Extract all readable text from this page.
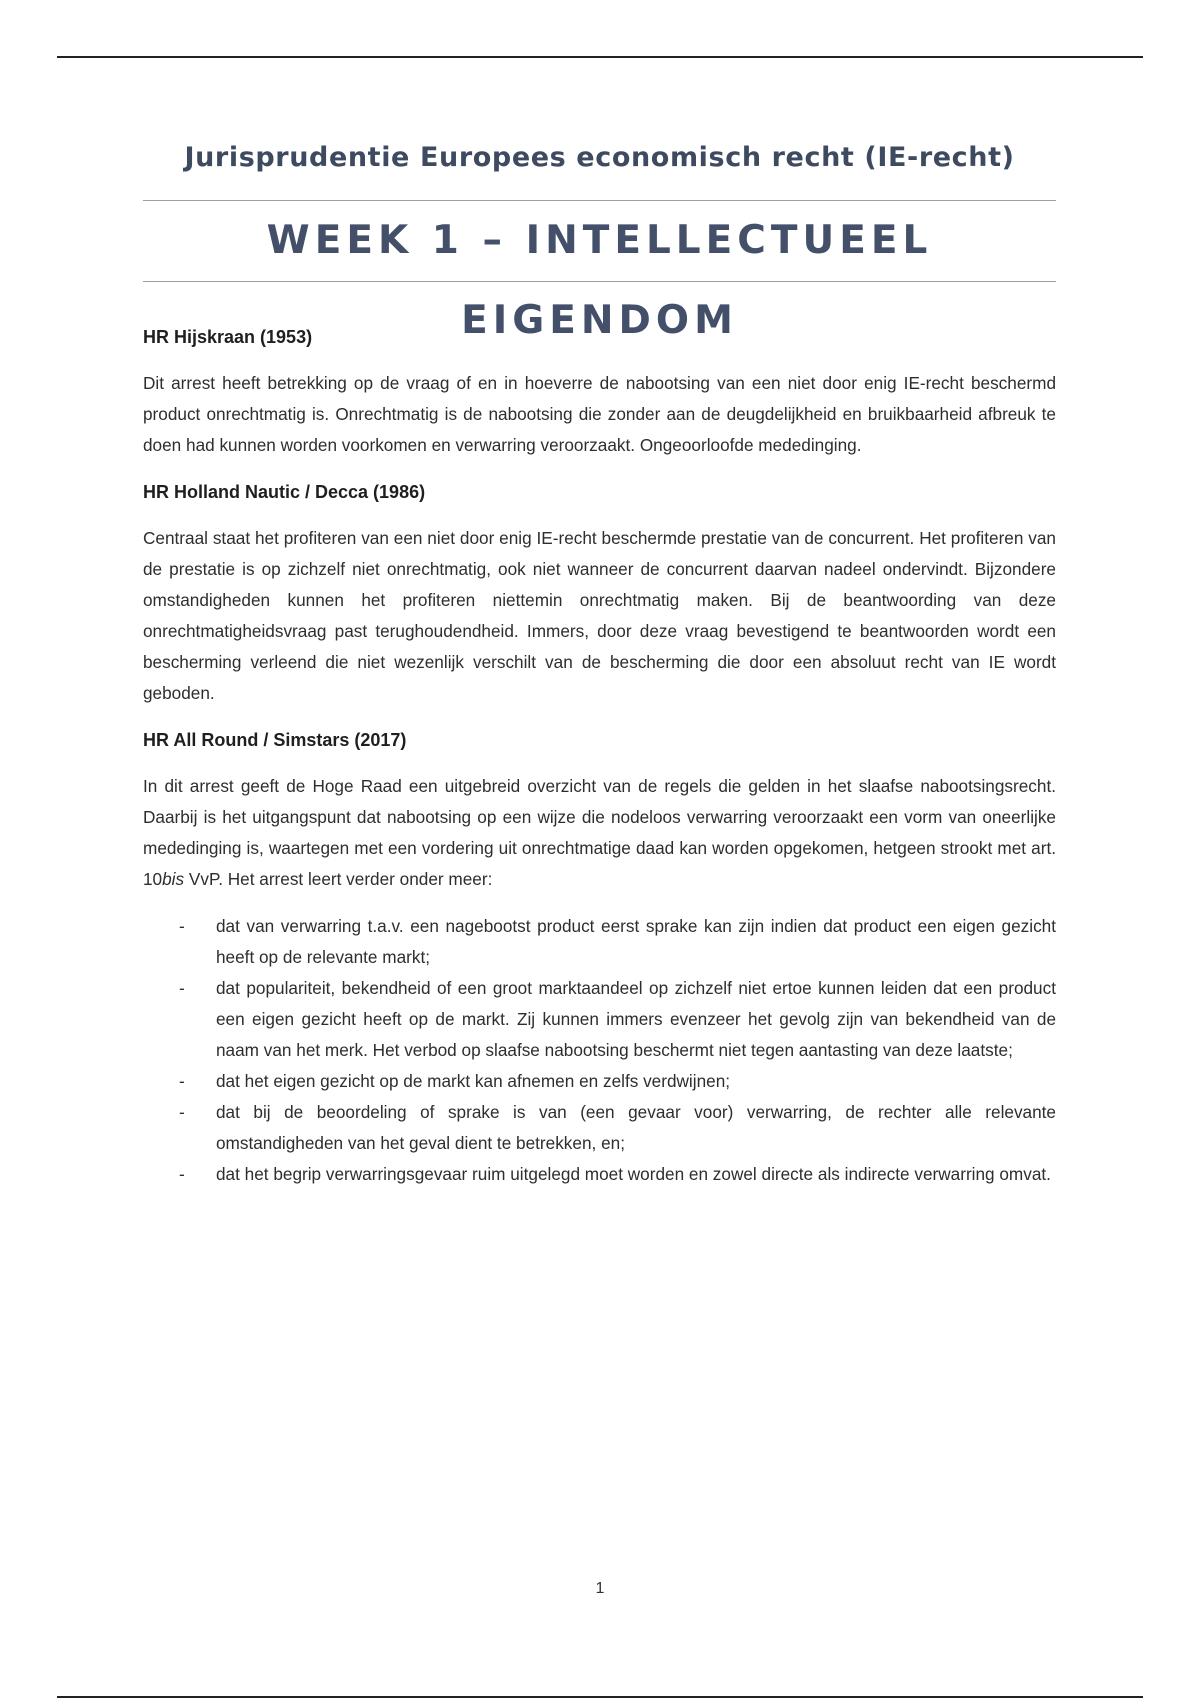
Jurisprudentie Europees economisch recht (IE-recht)
WEEK 1 – INTELLECTUEEL EIGENDOM
HR Hijskraan (1953)

Dit arrest heeft betrekking op de vraag of en in hoeverre de nabootsing van een niet door enig IE-recht beschermd product onrechtmatig is. Onrechtmatig is de nabootsing die zonder aan de deugdelijkheid en bruikbaarheid afbreuk te doen had kunnen worden voorkomen en verwarring veroorzaakt. Ongeoorloofde mededinging.

HR Holland Nautic / Decca (1986)

Centraal staat het profiteren van een niet door enig IE-recht beschermde prestatie van de concurrent. Het profiteren van de prestatie is op zichzelf niet onrechtmatig, ook niet wanneer de concurrent daarvan nadeel ondervindt. Bijzondere omstandigheden kunnen het profiteren niettemin onrechtmatig maken. Bij de beantwoording van deze onrechtmatigheidsvraag past terughoudendheid. Immers, door deze vraag bevestigend te beantwoorden wordt een bescherming verleend die niet wezenlijk verschilt van de bescherming die door een absoluut recht van IE wordt geboden.

HR All Round / Simstars (2017)

In dit arrest geeft de Hoge Raad een uitgebreid overzicht van de regels die gelden in het slaafse nabootsingsrecht. Daarbij is het uitgangspunt dat nabootsing op een wijze die nodeloos verwarring veroorzaakt een vorm van oneerlijke mededinging is, waartegen met een vordering uit onrechtmatige daad kan worden opgekomen, hetgeen strookt met art. 10bis VvP. Het arrest leert verder onder meer:

- dat van verwarring t.a.v. een nagebootst product eerst sprake kan zijn indien dat product een eigen gezicht heeft op de relevante markt;
- dat populariteit, bekendheid of een groot marktaandeel op zichzelf niet ertoe kunnen leiden dat een product een eigen gezicht heeft op de markt. Zij kunnen immers evenzeer het gevolg zijn van bekendheid van de naam van het merk. Het verbod op slaafse nabootsing beschermt niet tegen aantasting van deze laatste;
- dat het eigen gezicht op de markt kan afnemen en zelfs verdwijnen;
- dat bij de beoordeling of sprake is van (een gevaar voor) verwarring, de rechter alle relevante omstandigheden van het geval dient te betrekken, en;
- dat het begrip verwarringsgevaar ruim uitgelegd moet worden en zowel directe als indirecte verwarring omvat.
1
